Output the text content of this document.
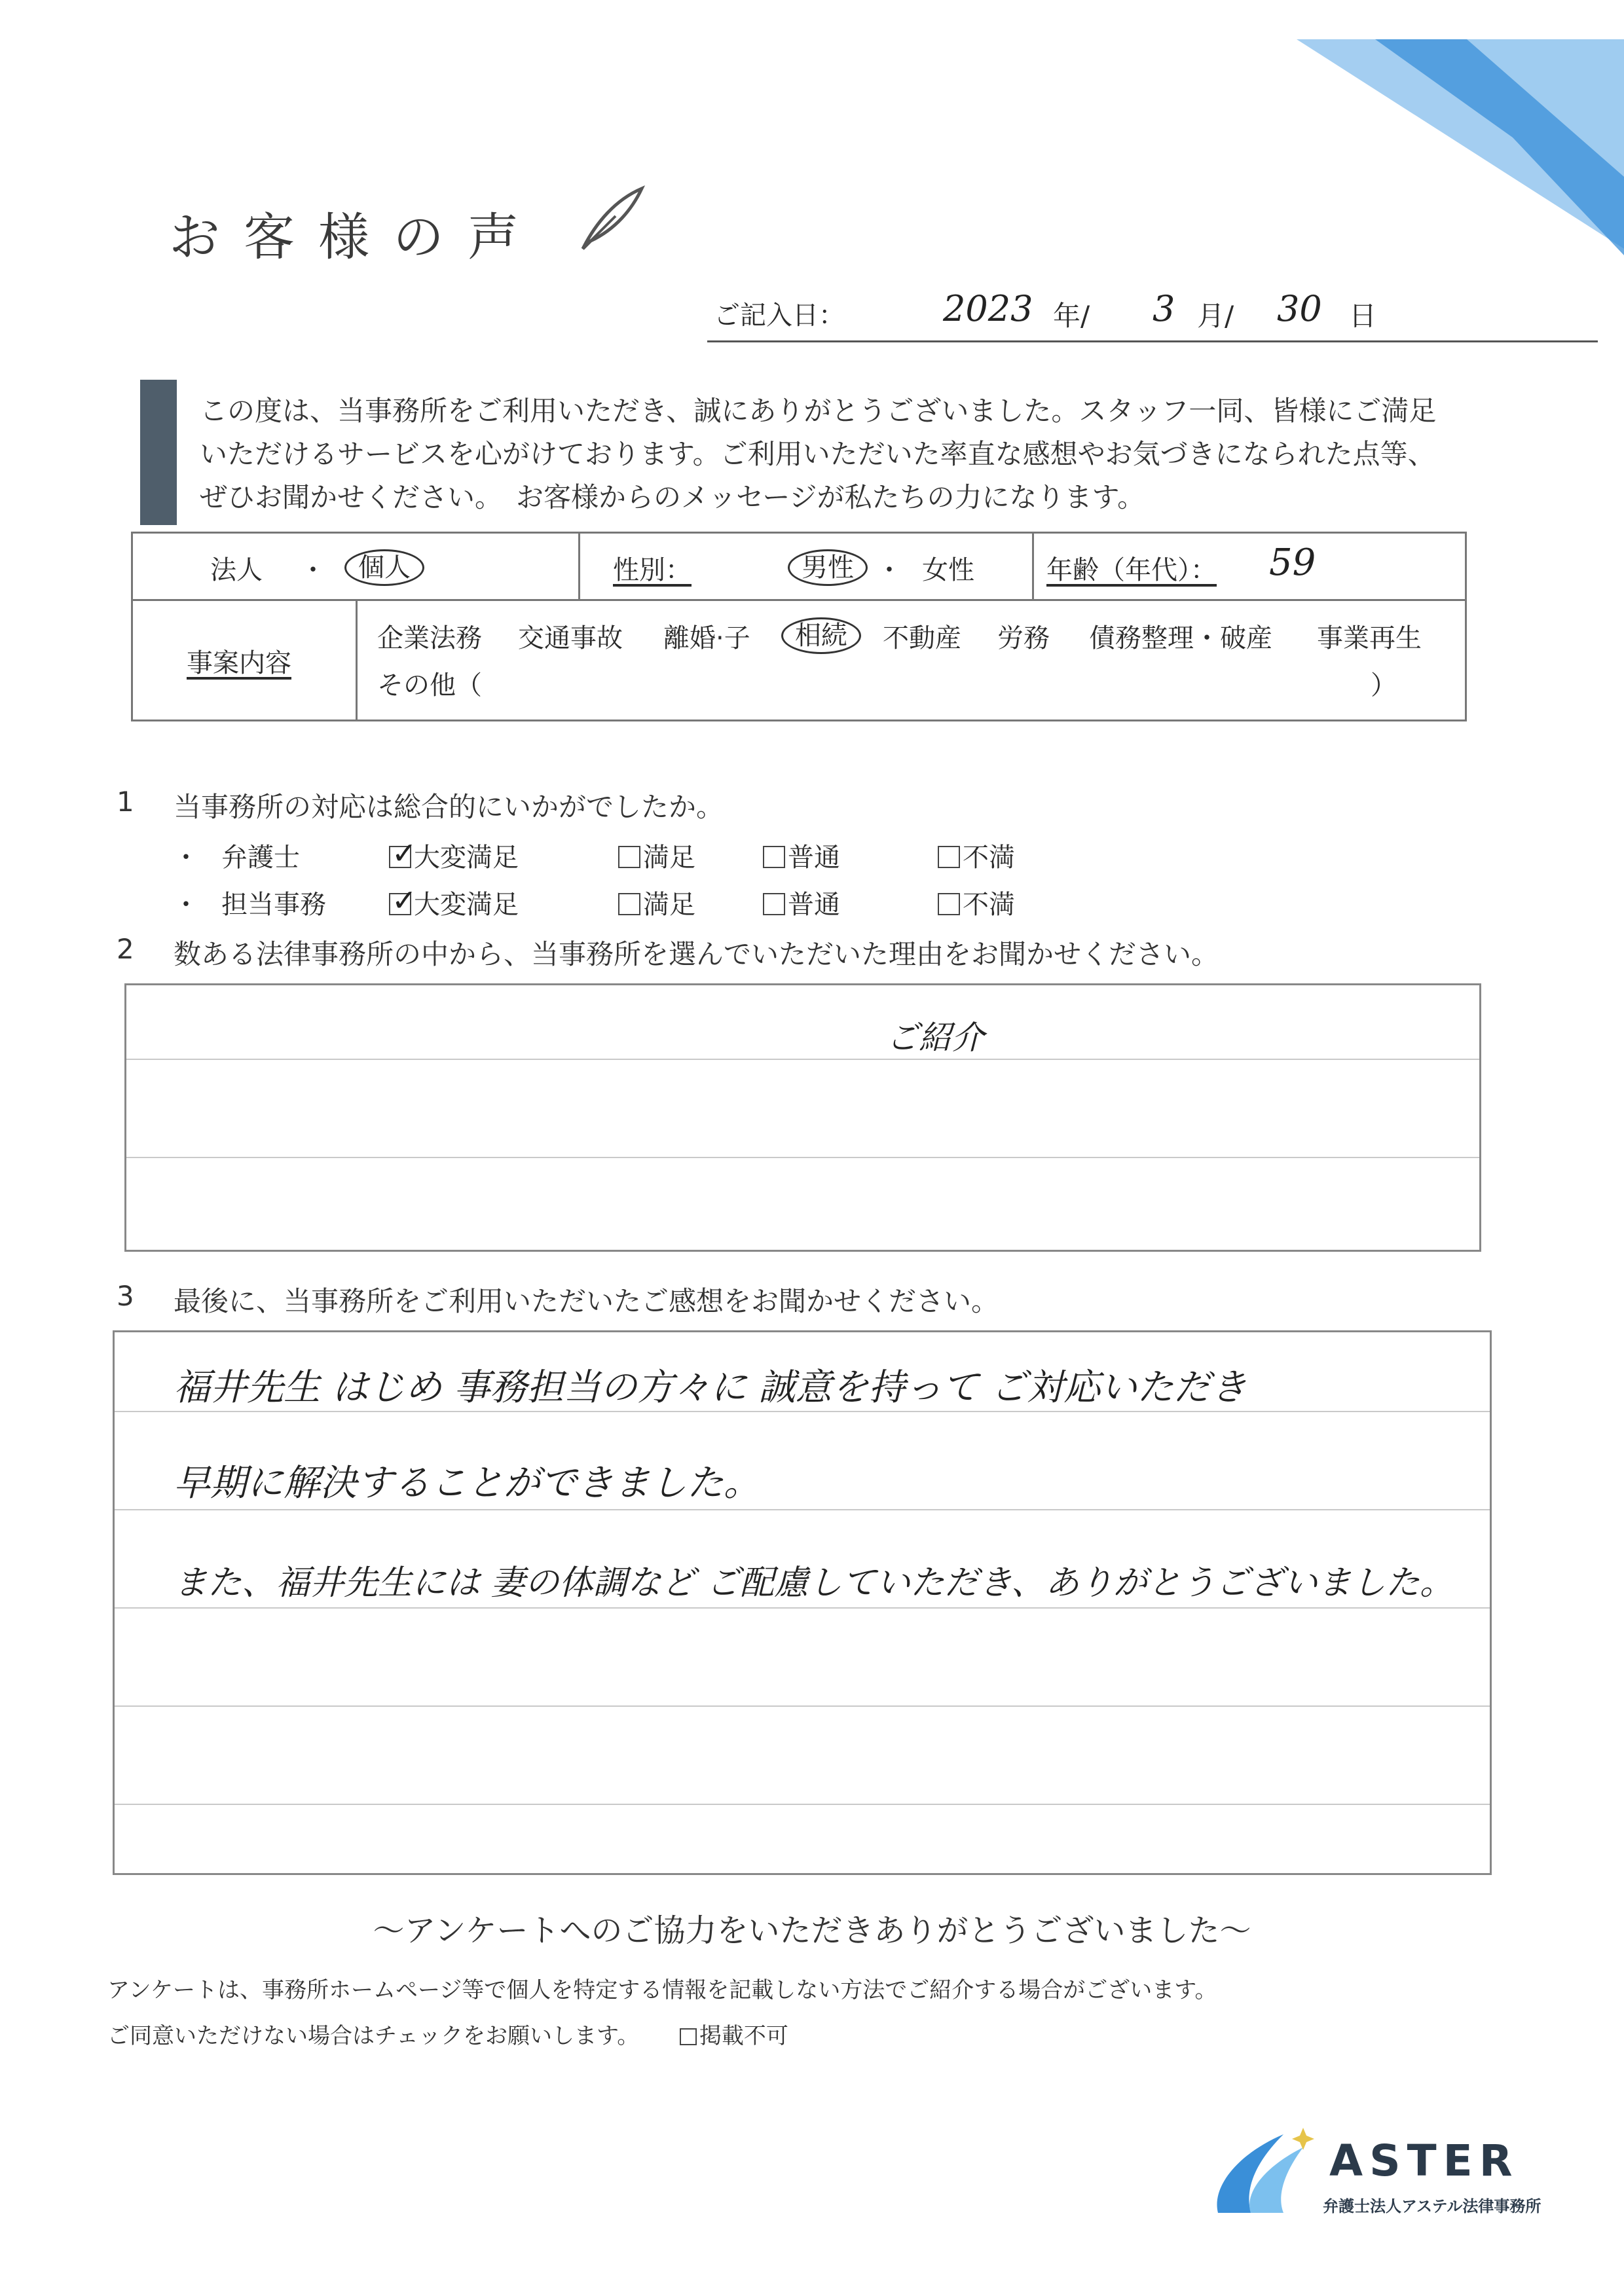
お客様の声
ご記入日：	2023 年/ 3 月/ 30 日
この度は、当事務所をご利用いただき、誠にありがとうございました。スタッフ一同、皆様にご満足
いただけるサービスを心がけております。ご利用いただいた率直な感想やお気づきになられた点等、
ぜひお聞かせください。　お客様からのメッセージが私たちの力になります。
法人 ・	個人	性別：	男性 ・ 女性	年齢（年代）： 59
事案内容
企業法務 交通事故 離婚·子	相続	不動産 労務 債務整理・破産 事業再生
その他（	）
1 当事務所の対応は総合的にいかがでしたか。
・ 弁護士 ✓	大変満足	満足	普通	不満
・ 担当事務 ✓	大変満足	満足	普通	不満
2 数ある法律事務所の中から、当事務所を選んでいただいた理由をお聞かせください。
ご紹介
3 最後に、当事務所をご利用いただいたご感想をお聞かせください。
福井先生 はじめ 事務担当の方々に 誠意を持って ご対応いただき
早期に解決することができました。
また、福井先生には 妻の体調など ご配慮していただき、ありがとうございました。
～アンケートへのご協力をいただきありがとうございました～
アンケートは、事務所ホームページ等で個人を特定する情報を記載しない方法でご紹介する場合がございます。
ご同意いただけない場合はチェックをお願いします。	掲載不可
ASTER
弁護士法人アステル法律事務所
